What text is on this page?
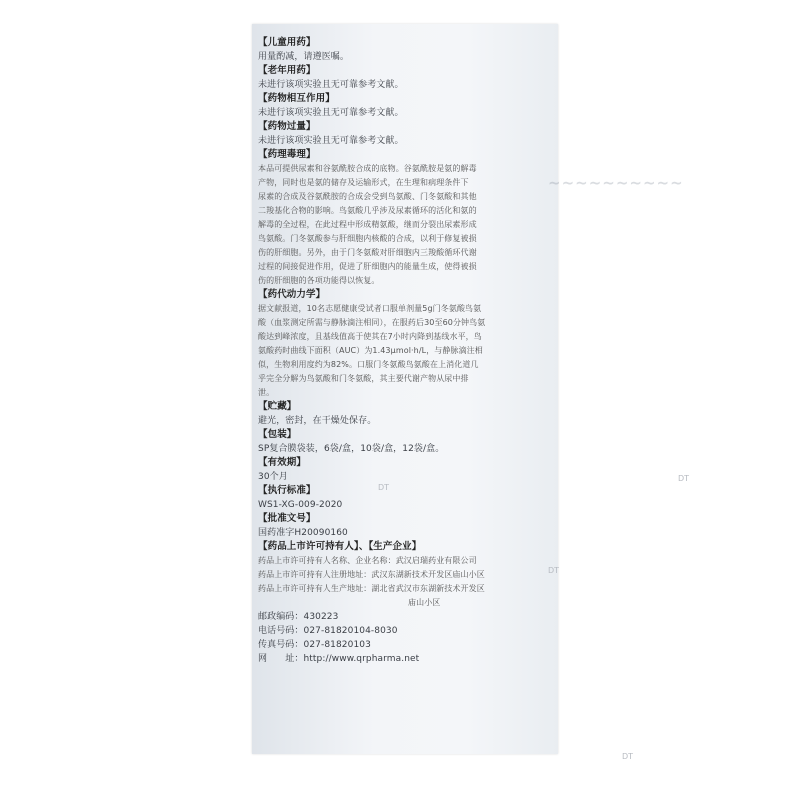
~~~~~~~~~~
【儿童用药】
用量酌减，请遵医嘱。
【老年用药】
未进行该项实验且无可靠参考文献。
【药物相互作用】
未进行该项实验且无可靠参考文献。
【药物过量】
未进行该项实验且无可靠参考文献。
【药理毒理】
本品可提供尿素和谷氨酰胺合成的底物。谷氨酰胺是氨的解毒
产物，同时也是氨的储存及运输形式，在生理和病理条件下
尿素的合成及谷氨酰胺的合成会受到鸟氨酸、门冬氨酸和其他
二羧基化合物的影响。鸟氨酸几乎涉及尿素循环的活化和氨的
解毒的全过程，在此过程中形成精氨酸，继而分裂出尿素形成
鸟氨酸。门冬氨酸参与肝细胞内核酸的合成，以利于修复被损
伤的肝细胞。另外，由于门冬氨酸对肝细胞内三羧酸循环代谢
过程的间接促进作用，促进了肝细胞内的能量生成，使得被损
伤的肝细胞的各项功能得以恢复。
【药代动力学】
据文献报道，10名志愿健康受试者口服单剂量5g门冬氨酸鸟氨
酸（血浆测定所需与静脉滴注相同），在服药后30至60分钟鸟氨
酸达到峰浓度，且基线值高于使其在7小时内降到基线水平，鸟
氨酸药时曲线下面积（AUC）为1.43μmol·h/L，与静脉滴注相
似，生物利用度约为82%。口服门冬氨酸鸟氨酸在上消化道几
乎完全分解为鸟氨酸和门冬氨酸，其主要代谢产物从尿中排
泄。
【贮藏】
避光，密封，在干燥处保存。
【包装】
SP复合膜袋装，6袋/盒，10袋/盒，12袋/盒。
【有效期】
30个月
【执行标准】
WS1-XG-009-2020
【批准文号】
国药准字H20090160
【药品上市许可持有人】、【生产企业】
药品上市许可持有人名称、企业名称：武汉启瑞药业有限公司
药品上市许可持有人注册地址：武汉东湖新技术开发区庙山小区
药品上市许可持有人生产地址：湖北省武汉市东湖新技术开发区
庙山小区
邮政编码：430223
电话号码：027-81820104-8030
传真号码：027-81820103
网　　址：http://www.qrpharma.net
DT
DT
DT
DT
